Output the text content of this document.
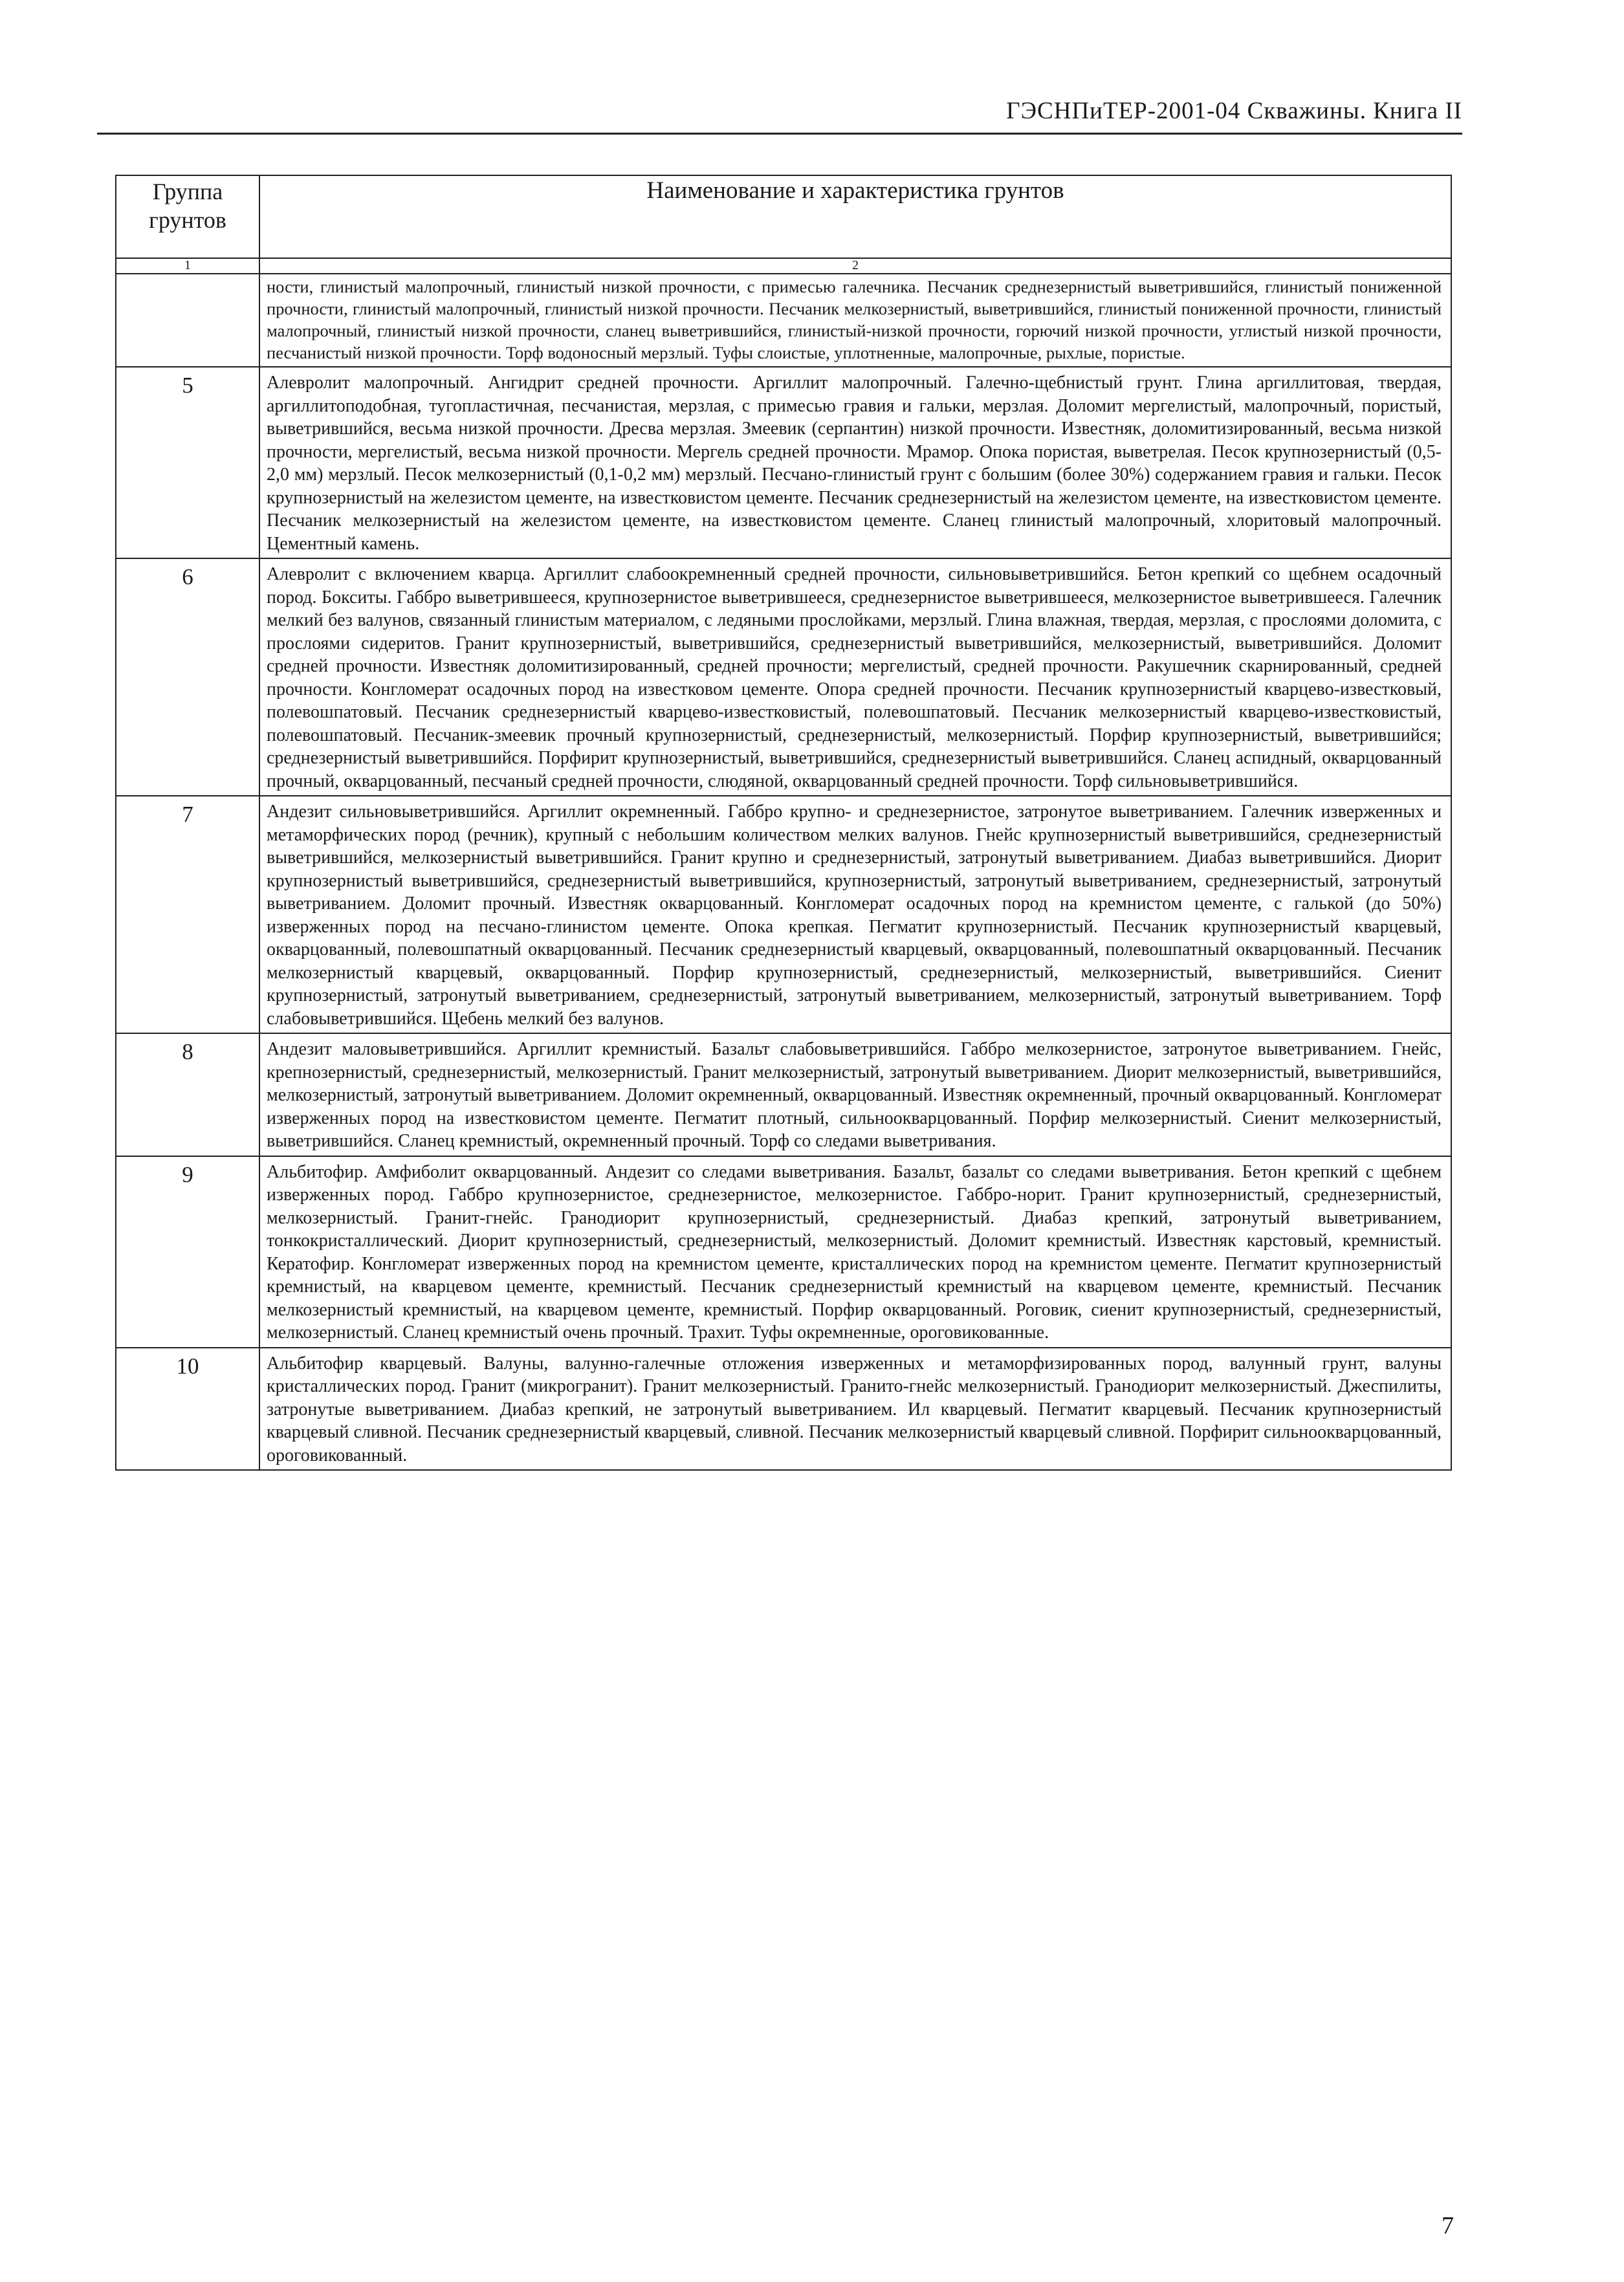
ГЭСНПиТЕР-2001-04 Скважины. Книга II
Группа грунтов	Наименование и характеристика грунтов
1	2
	ности, глинистый малопрочный, глинистый низкой прочности, с примесью галечника. Песчаник среднезернистый выветрившийся, глинистый пониженной прочности, глинистый малопрочный, глинистый низкой прочности. Песчаник мелкозернистый, выветрившийся, глинистый пониженной прочности, глинистый малопрочный, глинистый низкой прочности, сланец выветрившийся, глинистый-низкой прочности, горючий низкой прочности, углистый низкой прочности, песчанистый низкой прочности. Торф водоносный мерзлый. Туфы слоистые, уплотненные, малопрочные, рыхлые, пористые.
5	Алевролит малопрочный. Ангидрит средней прочности. Аргиллит малопрочный. Галечно-щебнистый грунт. Глина аргиллитовая, твердая, аргиллитоподобная, тугопластичная, песчанистая, мерзлая, с примесью гравия и гальки, мерзлая. Доломит мергелистый, малопрочный, пористый, выветрившийся, весьма низкой прочности. Дресва мерзлая. Змеевик (серпантин) низкой прочности. Известняк, доломитизированный, весьма низкой прочности, мергелистый, весьма низкой прочности. Мергель средней прочности. Мрамор. Опока пористая, выветрелая. Песок крупнозернистый (0,5-2,0 мм) мерзлый. Песок мелкозернистый (0,1-0,2 мм) мерзлый. Песчано-глинистый грунт с большим (более 30%) содержанием гравия и гальки. Песок крупнозернистый на железистом цементе, на известковистом цементе. Песчаник среднезернистый на железистом цементе, на известковистом цементе. Песчаник мелкозернистый на железистом цементе, на известковистом цементе. Сланец глинистый малопрочный, хлоритовый малопрочный. Цементный камень.
6	Алевролит с включением кварца. Аргиллит слабоокремненный средней прочности, сильновыветрившийся. Бетон крепкий со щебнем осадочный пород. Бокситы. Габбро выветрившееся, крупнозернистое выветрившееся, среднезернистое выветрившееся, мелкозернистое выветрившееся. Галечник мелкий без валунов, связанный глинистым материалом, с ледяными прослойками, мерзлый. Глина влажная, твердая, мерзлая, с прослоями доломита, с прослоями сидеритов. Гранит крупнозернистый, выветрившийся, среднезернистый выветрившийся, мелкозернистый, выветрившийся. Доломит средней прочности. Известняк доломитизированный, средней прочности; мергелистый, средней прочности. Ракушечник скарнированный, средней прочности. Конгломерат осадочных пород на известковом цементе. Опора средней прочности. Песчаник крупнозернистый кварцево-известковый, полевошпатовый. Песчаник среднезернистый кварцево-известковистый, полевошпатовый. Песчаник мелкозернистый кварцево-известковистый, полевошпатовый. Песчаник-змеевик прочный крупнозернистый, среднезернистый, мелкозернистый. Порфир крупнозернистый, выветрившийся; среднезернистый выветрившийся. Порфирит крупнозернистый, выветрившийся, среднезернистый выветрившийся. Сланец аспидный, окварцованный прочный, окварцованный, песчаный средней прочности, слюдяной, окварцованный средней прочности. Торф сильновыветрившийся.
7	Андезит сильновыветрившийся. Аргиллит окремненный. Габбро крупно- и среднезернистое, затронутое выветриванием. Галечник изверженных и метаморфических пород (речник), крупный с небольшим количеством мелких валунов. Гнейс крупнозернистый выветрившийся, среднезернистый выветрившийся, мелкозернистый выветрившийся. Гранит крупно и среднезернистый, затронутый выветриванием. Диабаз выветрившийся. Диорит крупнозернистый выветрившийся, среднезернистый выветрившийся, крупнозернистый, затронутый выветриванием, среднезернистый, затронутый выветриванием. Доломит прочный. Известняк окварцованный. Конгломерат осадочных пород на кремнистом цементе, с галькой (до 50%) изверженных пород на песчано-глинистом цементе. Опока крепкая. Пегматит крупнозернистый. Песчаник крупнозернистый кварцевый, окварцованный, полевошпатный окварцованный. Песчаник среднезернистый кварцевый, окварцованный, полевошпатный окварцованный. Песчаник мелкозернистый кварцевый, окварцованный. Порфир крупнозернистый, среднезернистый, мелкозернистый, выветрившийся. Сиенит крупнозернистый, затронутый выветриванием, среднезернистый, затронутый выветриванием, мелкозернистый, затронутый выветриванием. Торф слабовыветрившийся. Щебень мелкий без валунов.
8	Андезит маловыветрившийся. Аргиллит кремнистый. Базальт слабовыветрившийся. Габбро мелкозернистое, затронутое выветриванием. Гнейс, крепнозернистый, среднезернистый, мелкозернистый. Гранит мелкозернистый, затронутый выветриванием. Диорит мелкозернистый, выветрившийся, мелкозернистый, затронутый выветриванием. Доломит окремненный, окварцованный. Известняк окремненный, прочный окварцованный. Конгломерат изверженных пород на известковистом цементе. Пегматит плотный, сильноокварцованный. Порфир мелкозернистый. Сиенит мелкозернистый, выветрившийся. Сланец кремнистый, окремненный прочный. Торф со следами выветривания.
9	Альбитофир. Амфиболит окварцованный. Андезит со следами выветривания. Базальт, базальт со следами выветривания. Бетон крепкий с щебнем изверженных пород. Габбро крупнозернистое, среднезернистое, мелкозернистое. Габбро-норит. Гранит крупнозернистый, среднезернистый, мелкозернистый. Гранит-гнейс. Гранодиорит крупнозернистый, среднезернистый. Диабаз крепкий, затронутый выветриванием, тонкокристаллический. Диорит крупнозернистый, среднезернистый, мелкозернистый. Доломит кремнистый. Известняк карстовый, кремнистый. Кератофир. Конгломерат изверженных пород на кремнистом цементе, кристаллических пород на кремнистом цементе. Пегматит крупнозернистый кремнистый, на кварцевом цементе, кремнистый. Песчаник среднезернистый кремнистый на кварцевом цементе, кремнистый. Песчаник мелкозернистый кремнистый, на кварцевом цементе, кремнистый. Порфир окварцованный. Роговик, сиенит крупнозернистый, среднезернистый, мелкозернистый. Сланец кремнистый очень прочный. Трахит. Туфы окремненные, ороговикованные.
10	Альбитофир кварцевый. Валуны, валунно-галечные отложения изверженных и метаморфизированных пород, валунный грунт, валуны кристаллических пород. Гранит (микрогранит). Гранит мелкозернистый. Гранито-гнейс мелкозернистый. Гранодиорит мелкозернистый. Джеспилиты, затронутые выветриванием. Диабаз крепкий, не затронутый выветриванием. Ил кварцевый. Пегматит кварцевый. Песчаник крупнозернистый кварцевый сливной. Песчаник среднезернистый кварцевый, сливной. Песчаник мелкозернистый кварцевый сливной. Порфирит сильноокварцованный, ороговикованный.
7
